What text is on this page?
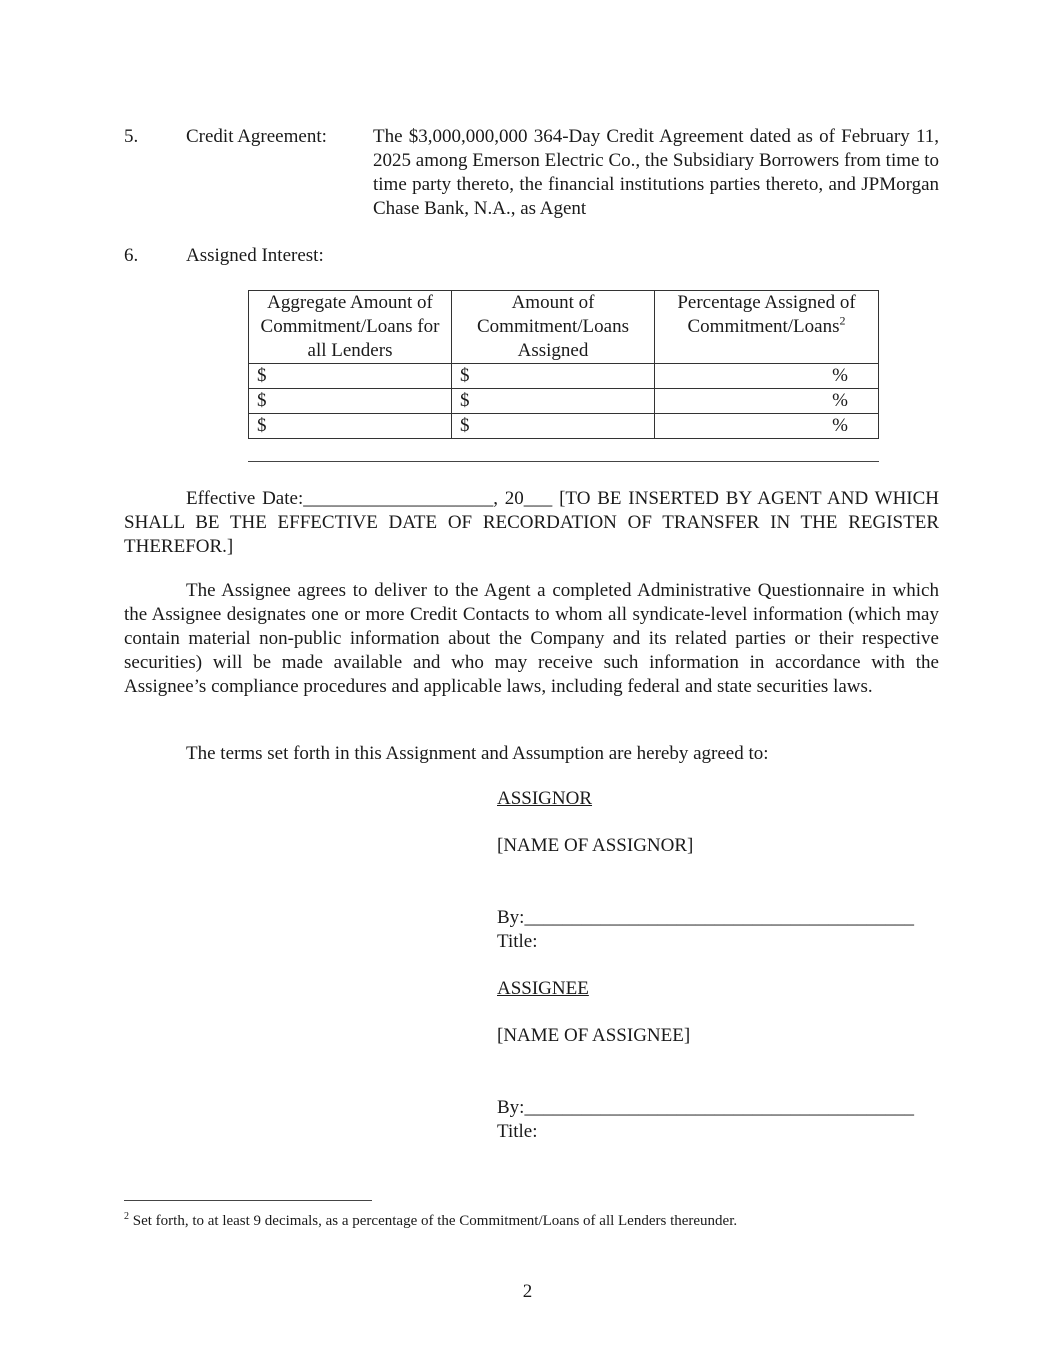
5.	Credit Agreement: The $3,000,000,000 364-Day Credit Agreement dated as of February 11, 2025 among Emerson Electric Co., the Subsidiary Borrowers from time to time party thereto, the financial institutions parties thereto, and JPMorgan Chase Bank, N.A., as Agent
6.	Assigned Interest:
Aggregate Amount of Commitment/Loans for all Lenders	Amount of Commitment/Loans Assigned	Percentage Assigned of Commitment/Loans$^2$
$	$	%
$	$	%
$	$	%
Effective Date:____________________, 20___ [TO BE INSERTED BY AGENT AND WHICH SHALL BE THE EFFECTIVE DATE OF RECORDATION OF TRANSFER IN THE REGISTER THEREFOR.]
The Assignee agrees to deliver to the Agent a completed Administrative Questionnaire in which the Assignee designates one or more Credit Contacts to whom all syndicate-level information (which may contain material non-public information about the Company and its related parties or their respective securities) will be made available and who may receive such information in accordance with the Assignee’s compliance procedures and applicable laws, including federal and state securities laws.
The terms set forth in this Assignment and Assumption are hereby agreed to:
ASSIGNOR
[NAME OF ASSIGNOR]
By:_________________________________________
Title:
ASSIGNEE
[NAME OF ASSIGNEE]
By:_________________________________________
Title:
$^2$ Set forth, to at least 9 decimals, as a percentage of the Commitment/Loans of all Lenders thereunder.
2
